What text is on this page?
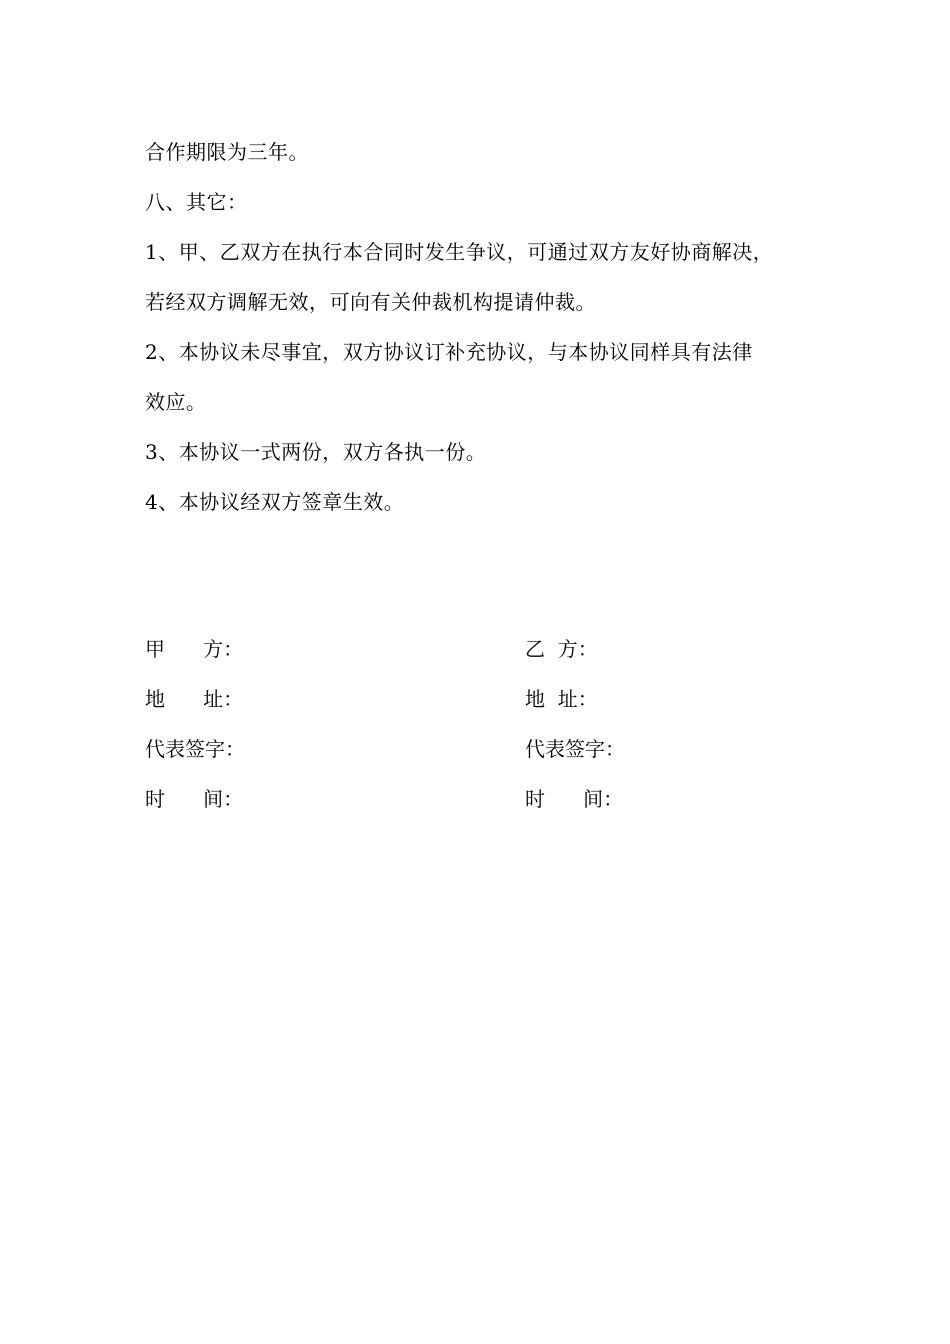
合作期限为三年。
八、其它：
1、甲、乙双方在执行本合同时发生争议，可通过双方友好协商解决，
若经双方调解无效，可向有关仲裁机构提请仲裁。
2、本协议未尽事宜，双方协议订补充协议，与本协议同样具有法律
效应。
3、本协议一式两份，双方各执一份。
4、本协议经双方签章生效。
甲      方：
地      址：
代表签字：
时      间：
乙  方：
地  址：
代表签字：
时      间：
